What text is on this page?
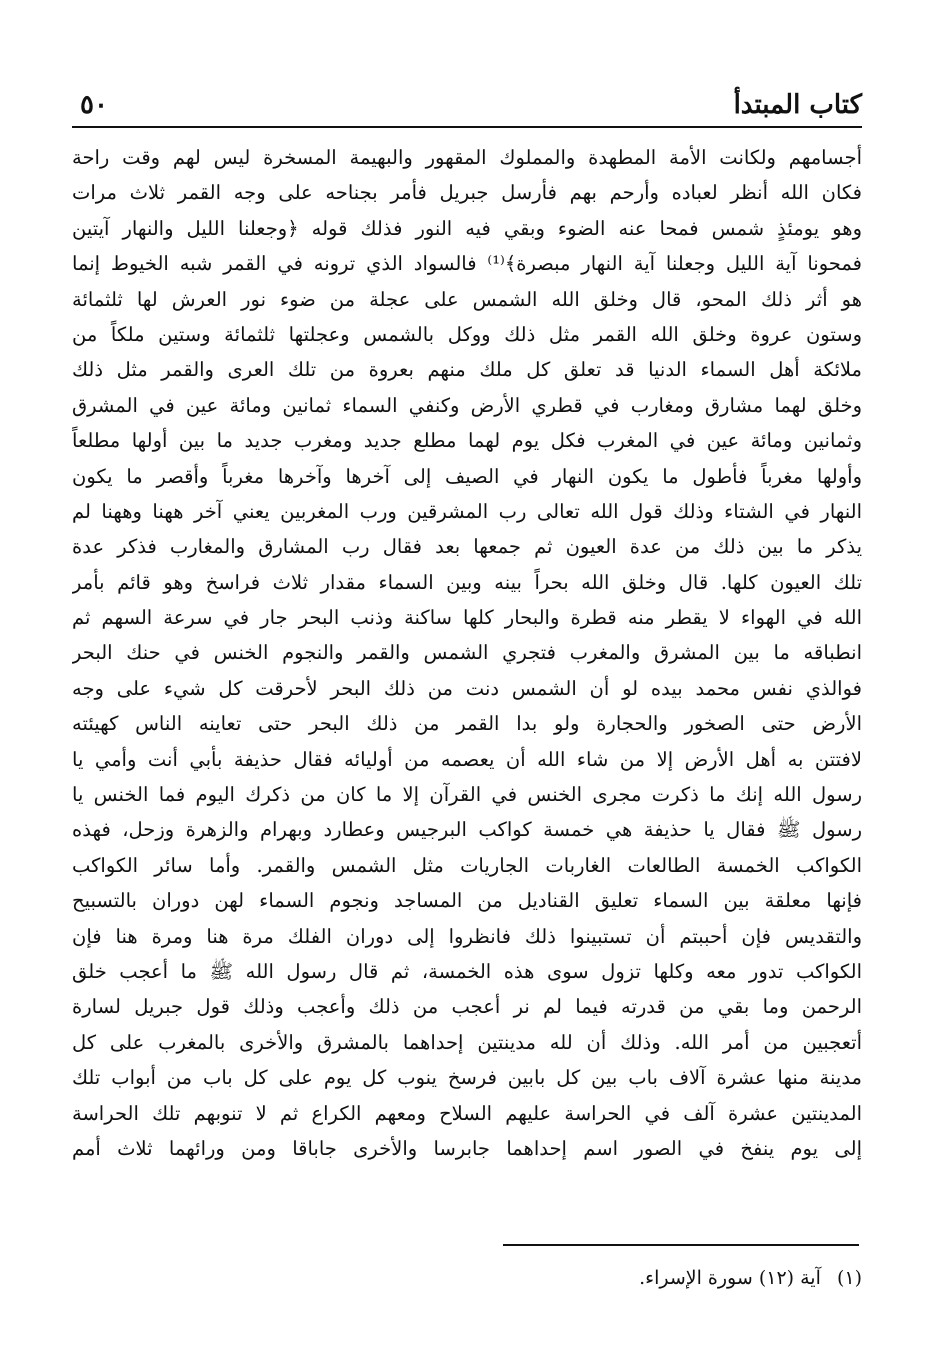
كتاب المبتدأ
٥٠
أجسامهم ولكانت الأمة المطهدة والمملوك المقهور والبهيمة المسخرة ليس لهم وقت راحة
فكان الله أنظر لعباده وأرحم بهم فأرسل جبريل فأمر بجناحه على وجه القمر ثلاث مرات
وهو يومئذٍ شمس فمحا عنه الضوء وبقي فيه النور فذلك قوله ﴿وجعلنا الليل والنهار آيتين
فمحونا آية الليل وجعلنا آية النهار مبصرة﴾⁽¹⁾ فالسواد الذي ترونه في القمر شبه الخيوط إنما
هو أثر ذلك المحو، قال وخلق الله الشمس على عجلة من ضوء نور العرش لها ثلثمائة
وستون عروة وخلق الله القمر مثل ذلك ووكل بالشمس وعجلتها ثلثمائة وستين ملكاً من
ملائكة أهل السماء الدنيا قد تعلق كل ملك منهم بعروة من تلك العرى والقمر مثل ذلك
وخلق لهما مشارق ومغارب في قطري الأرض وكنفي السماء ثمانين ومائة عين في المشرق
وثمانين ومائة عين في المغرب فكل يوم لهما مطلع جديد ومغرب جديد ما بين أولها مطلعاً
وأولها مغرباً فأطول ما يكون النهار في الصيف إلى آخرها وآخرها مغرباً وأقصر ما يكون
النهار في الشتاء وذلك قول الله تعالى رب المشرقين ورب المغربين يعني آخر ههنا وههنا لم
يذكر ما بين ذلك من عدة العيون ثم جمعها بعد فقال رب المشارق والمغارب فذكر عدة
تلك العيون كلها. قال وخلق الله بحراً بينه وبين السماء مقدار ثلاث فراسخ وهو قائم بأمر
الله في الهواء لا يقطر منه قطرة والبحار كلها ساكنة وذنب البحر جار في سرعة السهم ثم
انطباقه ما بين المشرق والمغرب فتجري الشمس والقمر والنجوم الخنس في حنك البحر
فوالذي نفس محمد بيده لو أن الشمس دنت من ذلك البحر لأحرقت كل شيء على وجه
الأرض حتى الصخور والحجارة ولو بدا القمر من ذلك البحر حتى تعاينه الناس كهيئته
لافتتن به أهل الأرض إلا من شاء الله أن يعصمه من أوليائه فقال حذيفة بأبي أنت وأمي يا
رسول الله إنك ما ذكرت مجرى الخنس في القرآن إلا ما كان من ذكرك اليوم فما الخنس يا
رسول ﷺ فقال يا حذيفة هي خمسة كواكب البرجيس وعطارد وبهرام والزهرة وزحل، فهذه
الكواكب الخمسة الطالعات الغاربات الجاريات مثل الشمس والقمر. وأما سائر الكواكب
فإنها معلقة بين السماء تعليق القناديل من المساجد ونجوم السماء لهن دوران بالتسبيح
والتقديس فإن أحببتم أن تستبينوا ذلك فانظروا إلى دوران الفلك مرة هنا ومرة هنا فإن
الكواكب تدور معه وكلها تزول سوى هذه الخمسة، ثم قال رسول الله ﷺ ما أعجب خلق
الرحمن وما بقي من قدرته فيما لم نر أعجب من ذلك وأعجب وذلك قول جبريل لسارة
أتعجبين من أمر الله. وذلك أن لله مدينتين إحداهما بالمشرق والأخرى بالمغرب على كل
مدينة منها عشرة آلاف باب بين كل بابين فرسخ ينوب كل يوم على كل باب من أبواب تلك
المدينتين عشرة آلف في الحراسة عليهم السلاح ومعهم الكراع ثم لا تنوبهم تلك الحراسة
إلى يوم ينفخ في الصور اسم إحداهما جابرسا والأخرى جاباقا ومن ورائهما ثلاث أمم
(١) آية (١٢) سورة الإسراء.
